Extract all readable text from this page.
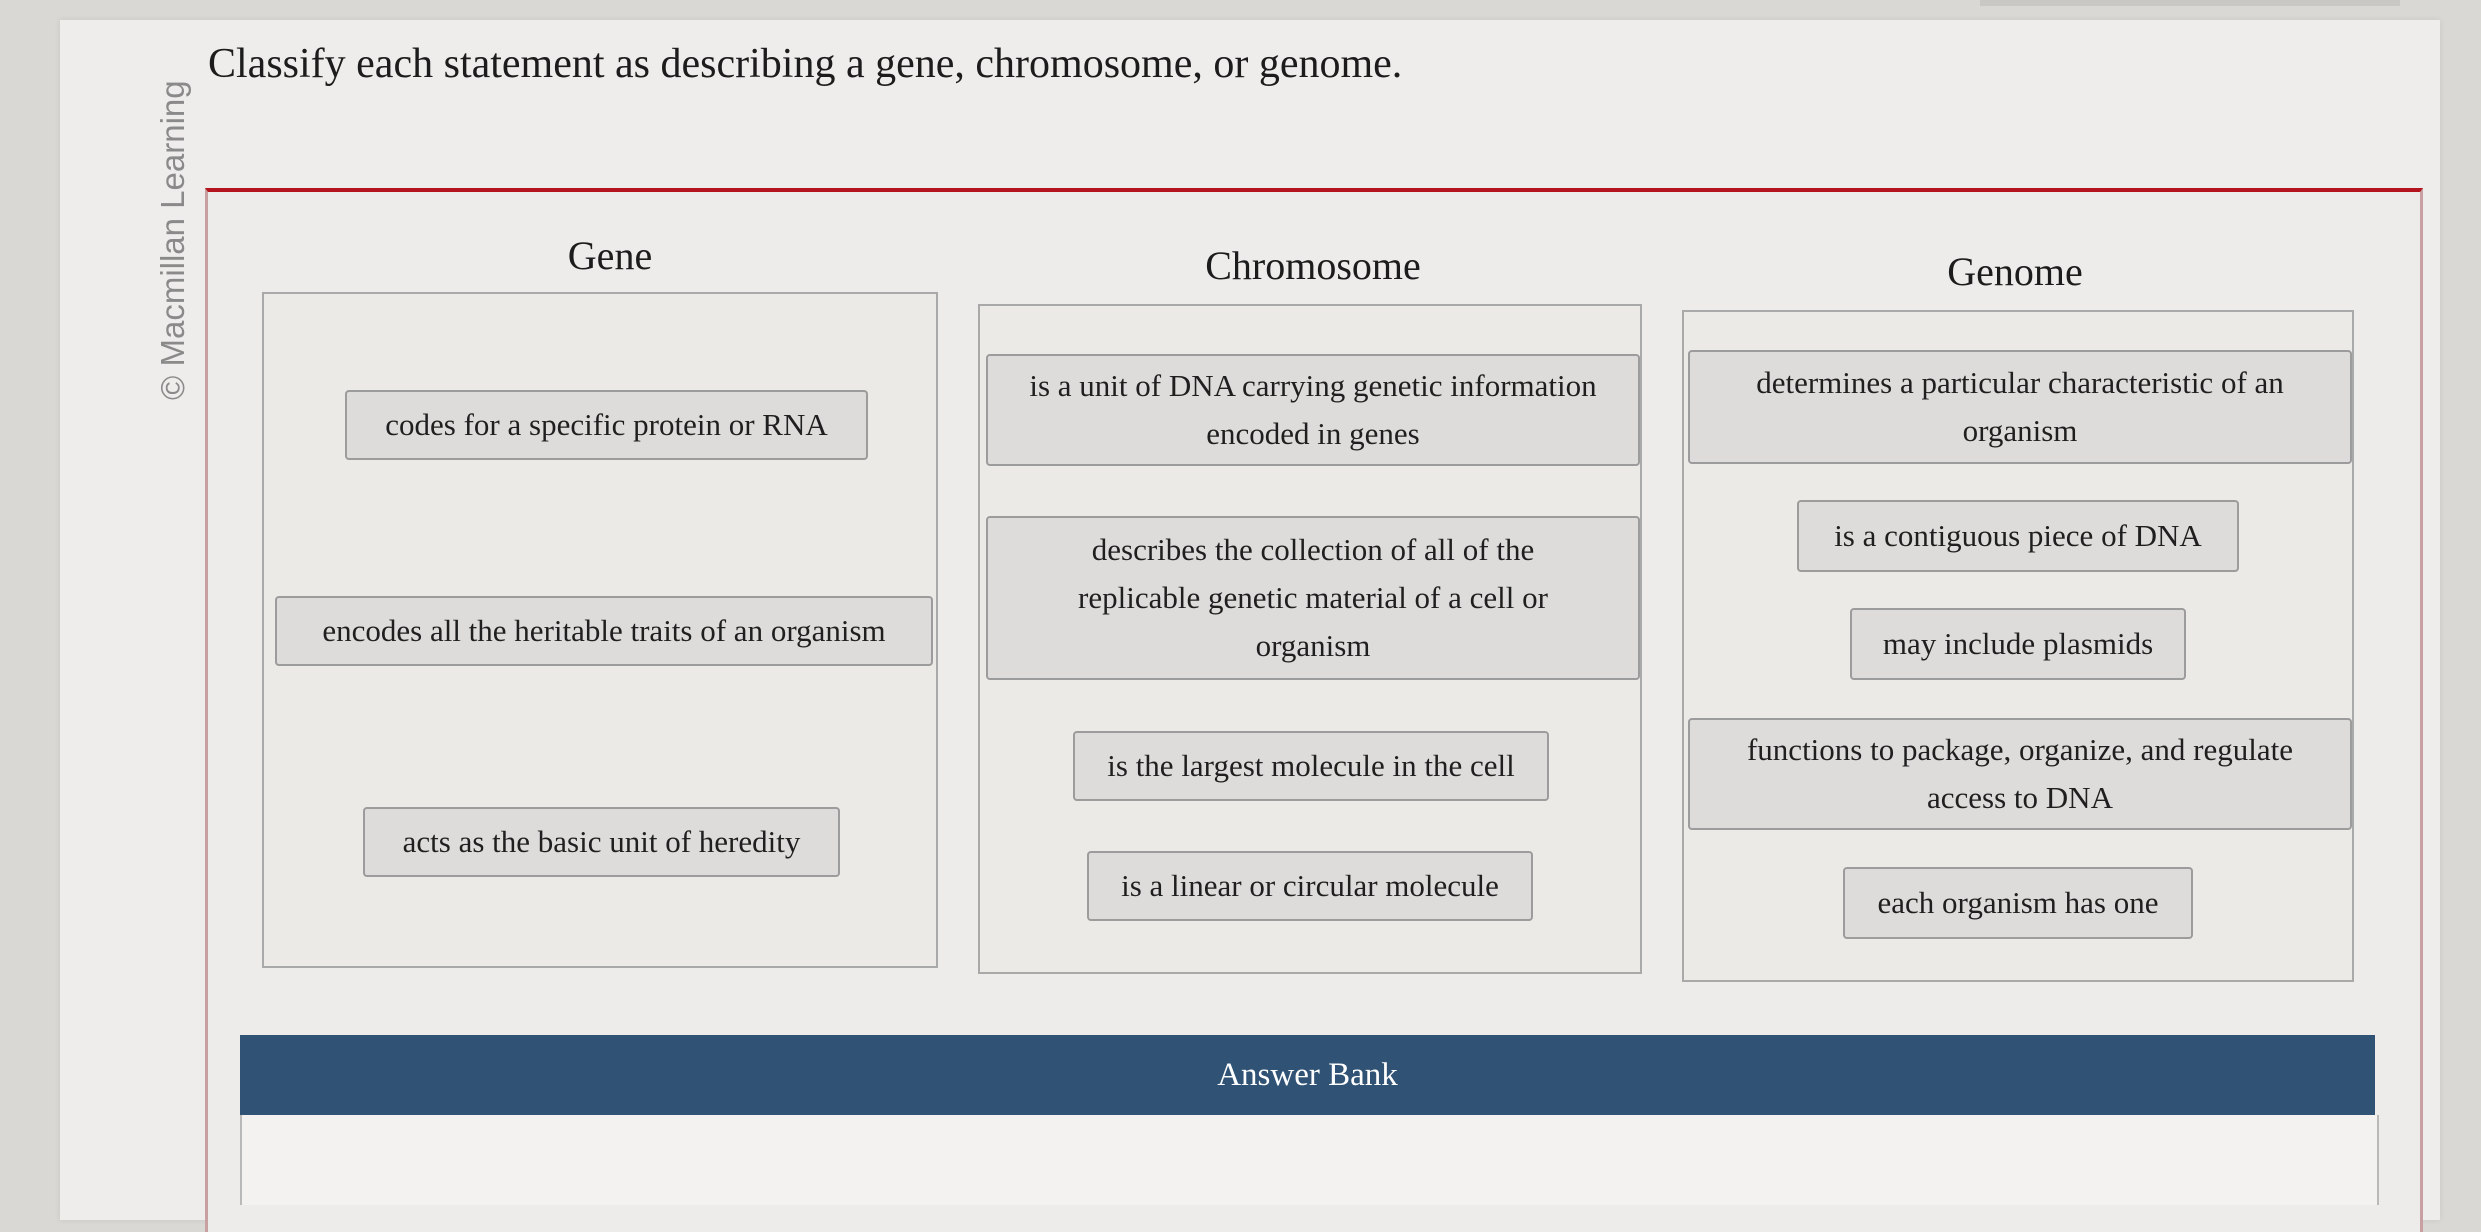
© Macmillan Learning
Classify each statement as describing a gene, chromosome, or genome.
Gene
codes for a specific protein or RNA
encodes all the heritable traits of an organism
acts as the basic unit of heredity
Chromosome
is a unit of DNA carrying genetic information encoded in genes
describes the collection of all of the replicable genetic material of a cell or organism
is the largest molecule in the cell
is a linear or circular molecule
Genome
determines a particular characteristic of an organism
is a contiguous piece of DNA
may include plasmids
functions to package, organize, and regulate access to DNA
each organism has one
Answer Bank
